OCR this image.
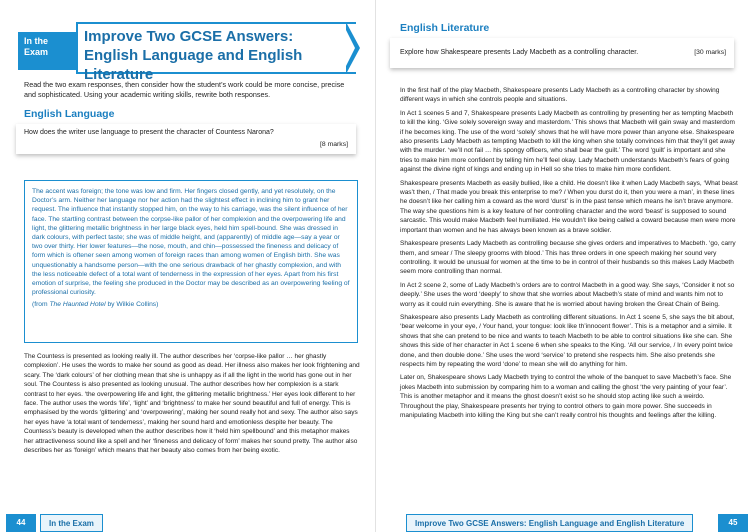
In the Exam
Improve Two GCSE Answers: English Language and English Literature
Read the two exam responses, then consider how the student’s work could be more concise, precise and sophisticated. Using your academic writing skills, rewrite both responses.
English Language
How does the writer use language to present the character of Countess Narona?
[8 marks]
The accent was foreign; the tone was low and firm. Her fingers closed gently, and yet resolutely, on the Doctor’s arm. Neither her language nor her action had the slightest effect in inclining him to grant her request. The influence that instantly stopped him, on the way to his carriage, was the silent influence of her face. The startling contrast between the corpse-like pallor of her complexion and the overpowering life and light, the glittering metallic brightness in her large black eyes, held him spell-bound. She was dressed in dark colours, with perfect taste; she was of middle height, and (apparently) of middle age—say a year or two over thirty. Her lower features—the nose, mouth, and chin—possessed the fineness and delicacy of form which is oftener seen among women of foreign races than among women of English birth. She was unquestionably a handsome person—with the one serious drawback of her ghastly complexion, and with the less noticeable defect of a total want of tenderness in the expression of her eyes. Apart from his first emotion of surprise, the feeling she produced in the Doctor may be described as an overpowering feeling of professional curiosity.
(from The Haunted Hotel by Wilkie Collins)

The Countess is presented as looking really ill. The author describes her ‘corpse-like pallor … her ghastly complexion’. He uses the words to make her sound as good as dead. Her illness also makes her look frightening and scary. The ‘dark colours’ of her clothing mean that she is unhappy as if all the light in the world has gone out in her soul. The Countess is also presented as looking unusual. The author describes how her complexion is a stark contrast to her eyes. ‘the overpowering life and light, the glittering metallic brightness.’ Her eyes look different to her face. The author uses the words ‘life’, ‘light’ and ‘brightness’ to make her sound beautiful and full of energy. This is emphasised by the words ‘glittering’ and ‘overpowering’, making her sound really hot and sexy. The author also says her eyes have ‘a total want of tenderness’, making her sound hard and emotionless despite her beauty. The Countess’s beauty is developed when the author describes how it ‘held him spellbound’ and this metaphor makes her attractiveness sound like a spell and her ‘fineness and delicacy of form’ makes her sound pretty. The author also describes her as ‘foreign’ which means that her beauty also comes from her being exotic.

44	In the Exam
English Literature
Explore how Shakespeare presents Lady Macbeth as a controlling character.	[30 marks]

In the first half of the play Macbeth, Shakespeare presents Lady Macbeth as a controlling character by showing different ways in which she controls people and situations.

In Act 1 scenes 5 and 7, Shakespeare presents Lady Macbeth as controlling by presenting her as tempting Macbeth to kill the king. ‘Give solely sovereign sway and masterdom.’ This shows that Macbeth will gain sway and masterdom if he becomes king. The use of the word ‘solely’ shows that he will have more power than anyone else. Shakespeare also presents Lady Macbeth as tempting Macbeth to kill the king when she totally convinces him that they’ll get away with the murder. ‘we’ll not fail … his spongy officers, who shall bear the guilt.’ The word ‘guilt’ is important and she tries to make him more confident by telling him he’ll feel okay. Lady Macbeth understands Macbeth’s fears of going against the divine right of kings and ending up in Hell so she tries to make him more confident.

Shakespeare presents Macbeth as easily bullied, like a child. He doesn’t like it when Lady Macbeth says, ‘What beast was’t then, / That made you break this enterprise to me? / When you durst do it, then you were a man’, in these lines he doesn’t like her calling him a coward as the word ‘durst’ is in the past tense which means he isn’t brave anymore. The way she questions him is a key feature of her controlling character and the word ‘beast’ is supposed to sound sarcastic. This would make Macbeth feel humiliated. He wouldn’t like being called a coward because men were more important than women and he has always been known as a brave soldier.

Shakespeare presents Lady Macbeth as controlling because she gives orders and imperatives to Macbeth. ‘go, carry them, and smear / The sleepy grooms with blood.’ This has three orders in one speech making her sound very controlling. It would be unusual for women at the time to be in control of their husbands so this makes Lady Macbeth seem more controlling than normal.

In Act 2 scene 2, some of Lady Macbeth’s orders are to control Macbeth in a good way. She says, ‘Consider it not so deeply.’ She uses the word ‘deeply’ to show that she worries about Macbeth’s state of mind and wants him not to worry as it could ruin everything. She is aware that he is worried about having broken the Great Chain of Being.

Shakespeare also presents Lady Macbeth as controlling different situations. In Act 1 scene 5, she says the bit about, ‘bear welcome in your eye, / Your hand, your tongue: look like th’innocent flower’. This is a metaphor and a simile. It shows that she can pretend to be nice and wants to teach Macbeth to be able to control situations like she can. She shows this side of her character in Act 1 scene 6 when she speaks to the King. ‘All our service, / In every point twice done, and then double done.’ She uses the word ‘service’ to pretend she respects him. She also pretends she respects him by repeating the word ‘done’ to mean she will do anything for him.

Later on, Shakespeare shows Lady Macbeth trying to control the whole of the banquet to save Macbeth’s face. She jokes Macbeth into submission by comparing him to a woman and calling the ghost ‘the very painting of your fear’. This is another metaphor and it means the ghost doesn’t exist so he should stop acting like such a weirdo. Throughout the play, Shakespeare presents her trying to control others to gain more power. She succeeds in manipulating Macbeth into killing the King but she can’t really control his thoughts and feelings after the killing.

Improve Two GCSE Answers: English Language and English Literature	45
